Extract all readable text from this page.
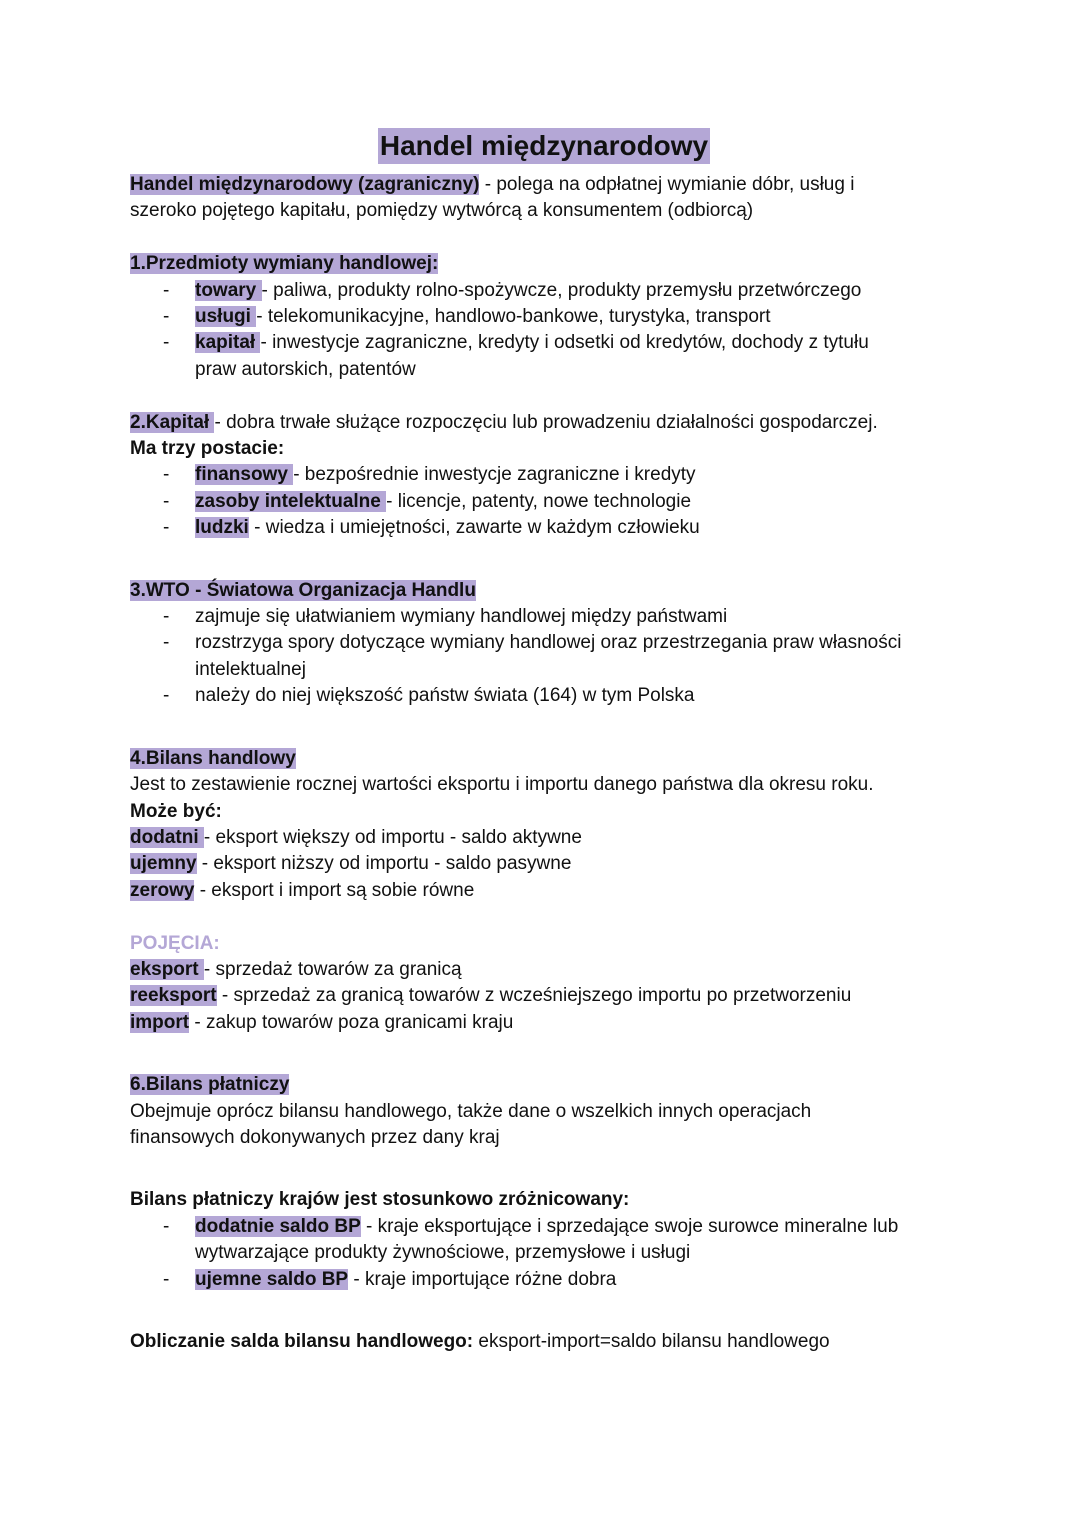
Handel międzynarodowy
Handel międzynarodowy (zagraniczny) - polega na odpłatnej wymianie dóbr, usług i
szeroko pojętego kapitału, pomiędzy wytwórcą a konsumentem (odbiorcą)
1.Przedmioty wymiany handlowej:
- towary - paliwa, produkty rolno-spożywcze, produkty przemysłu przetwórczego
- usługi - telekomunikacyjne, handlowo-bankowe, turystyka, transport
- kapitał - inwestycje zagraniczne, kredyty i odsetki od kredytów, dochody z tytułu
praw autorskich, patentów
2.Kapitał - dobra trwałe służące rozpoczęciu lub prowadzeniu działalności gospodarczej.
Ma trzy postacie:
- finansowy - bezpośrednie inwestycje zagraniczne i kredyty
- zasoby intelektualne - licencje, patenty, nowe technologie
- ludzki - wiedza i umiejętności, zawarte w każdym człowieku
3.WTO - Światowa Organizacja Handlu
- zajmuje się ułatwianiem wymiany handlowej między państwami
- rozstrzyga spory dotyczące wymiany handlowej oraz przestrzegania praw własności
intelektualnej
- należy do niej większość państw świata (164) w tym Polska
4.Bilans handlowy
Jest to zestawienie rocznej wartości eksportu i importu danego państwa dla okresu roku.
Może być:
dodatni - eksport większy od importu - saldo aktywne
ujemny - eksport niższy od importu - saldo pasywne
zerowy - eksport i import są sobie równe
POJĘCIA:
eksport - sprzedaż towarów za granicą
reeksport - sprzedaż za granicą towarów z wcześniejszego importu po przetworzeniu
import - zakup towarów poza granicami kraju
6.Bilans płatniczy
Obejmuje oprócz bilansu handlowego, także dane o wszelkich innych operacjach
finansowych dokonywanych przez dany kraj
Bilans płatniczy krajów jest stosunkowo zróżnicowany:
- dodatnie saldo BP - kraje eksportujące i sprzedające swoje surowce mineralne lub
wytwarzające produkty żywnościowe, przemysłowe i usługi
- ujemne saldo BP - kraje importujące różne dobra
Obliczanie salda bilansu handlowego: eksport-import=saldo bilansu handlowego
